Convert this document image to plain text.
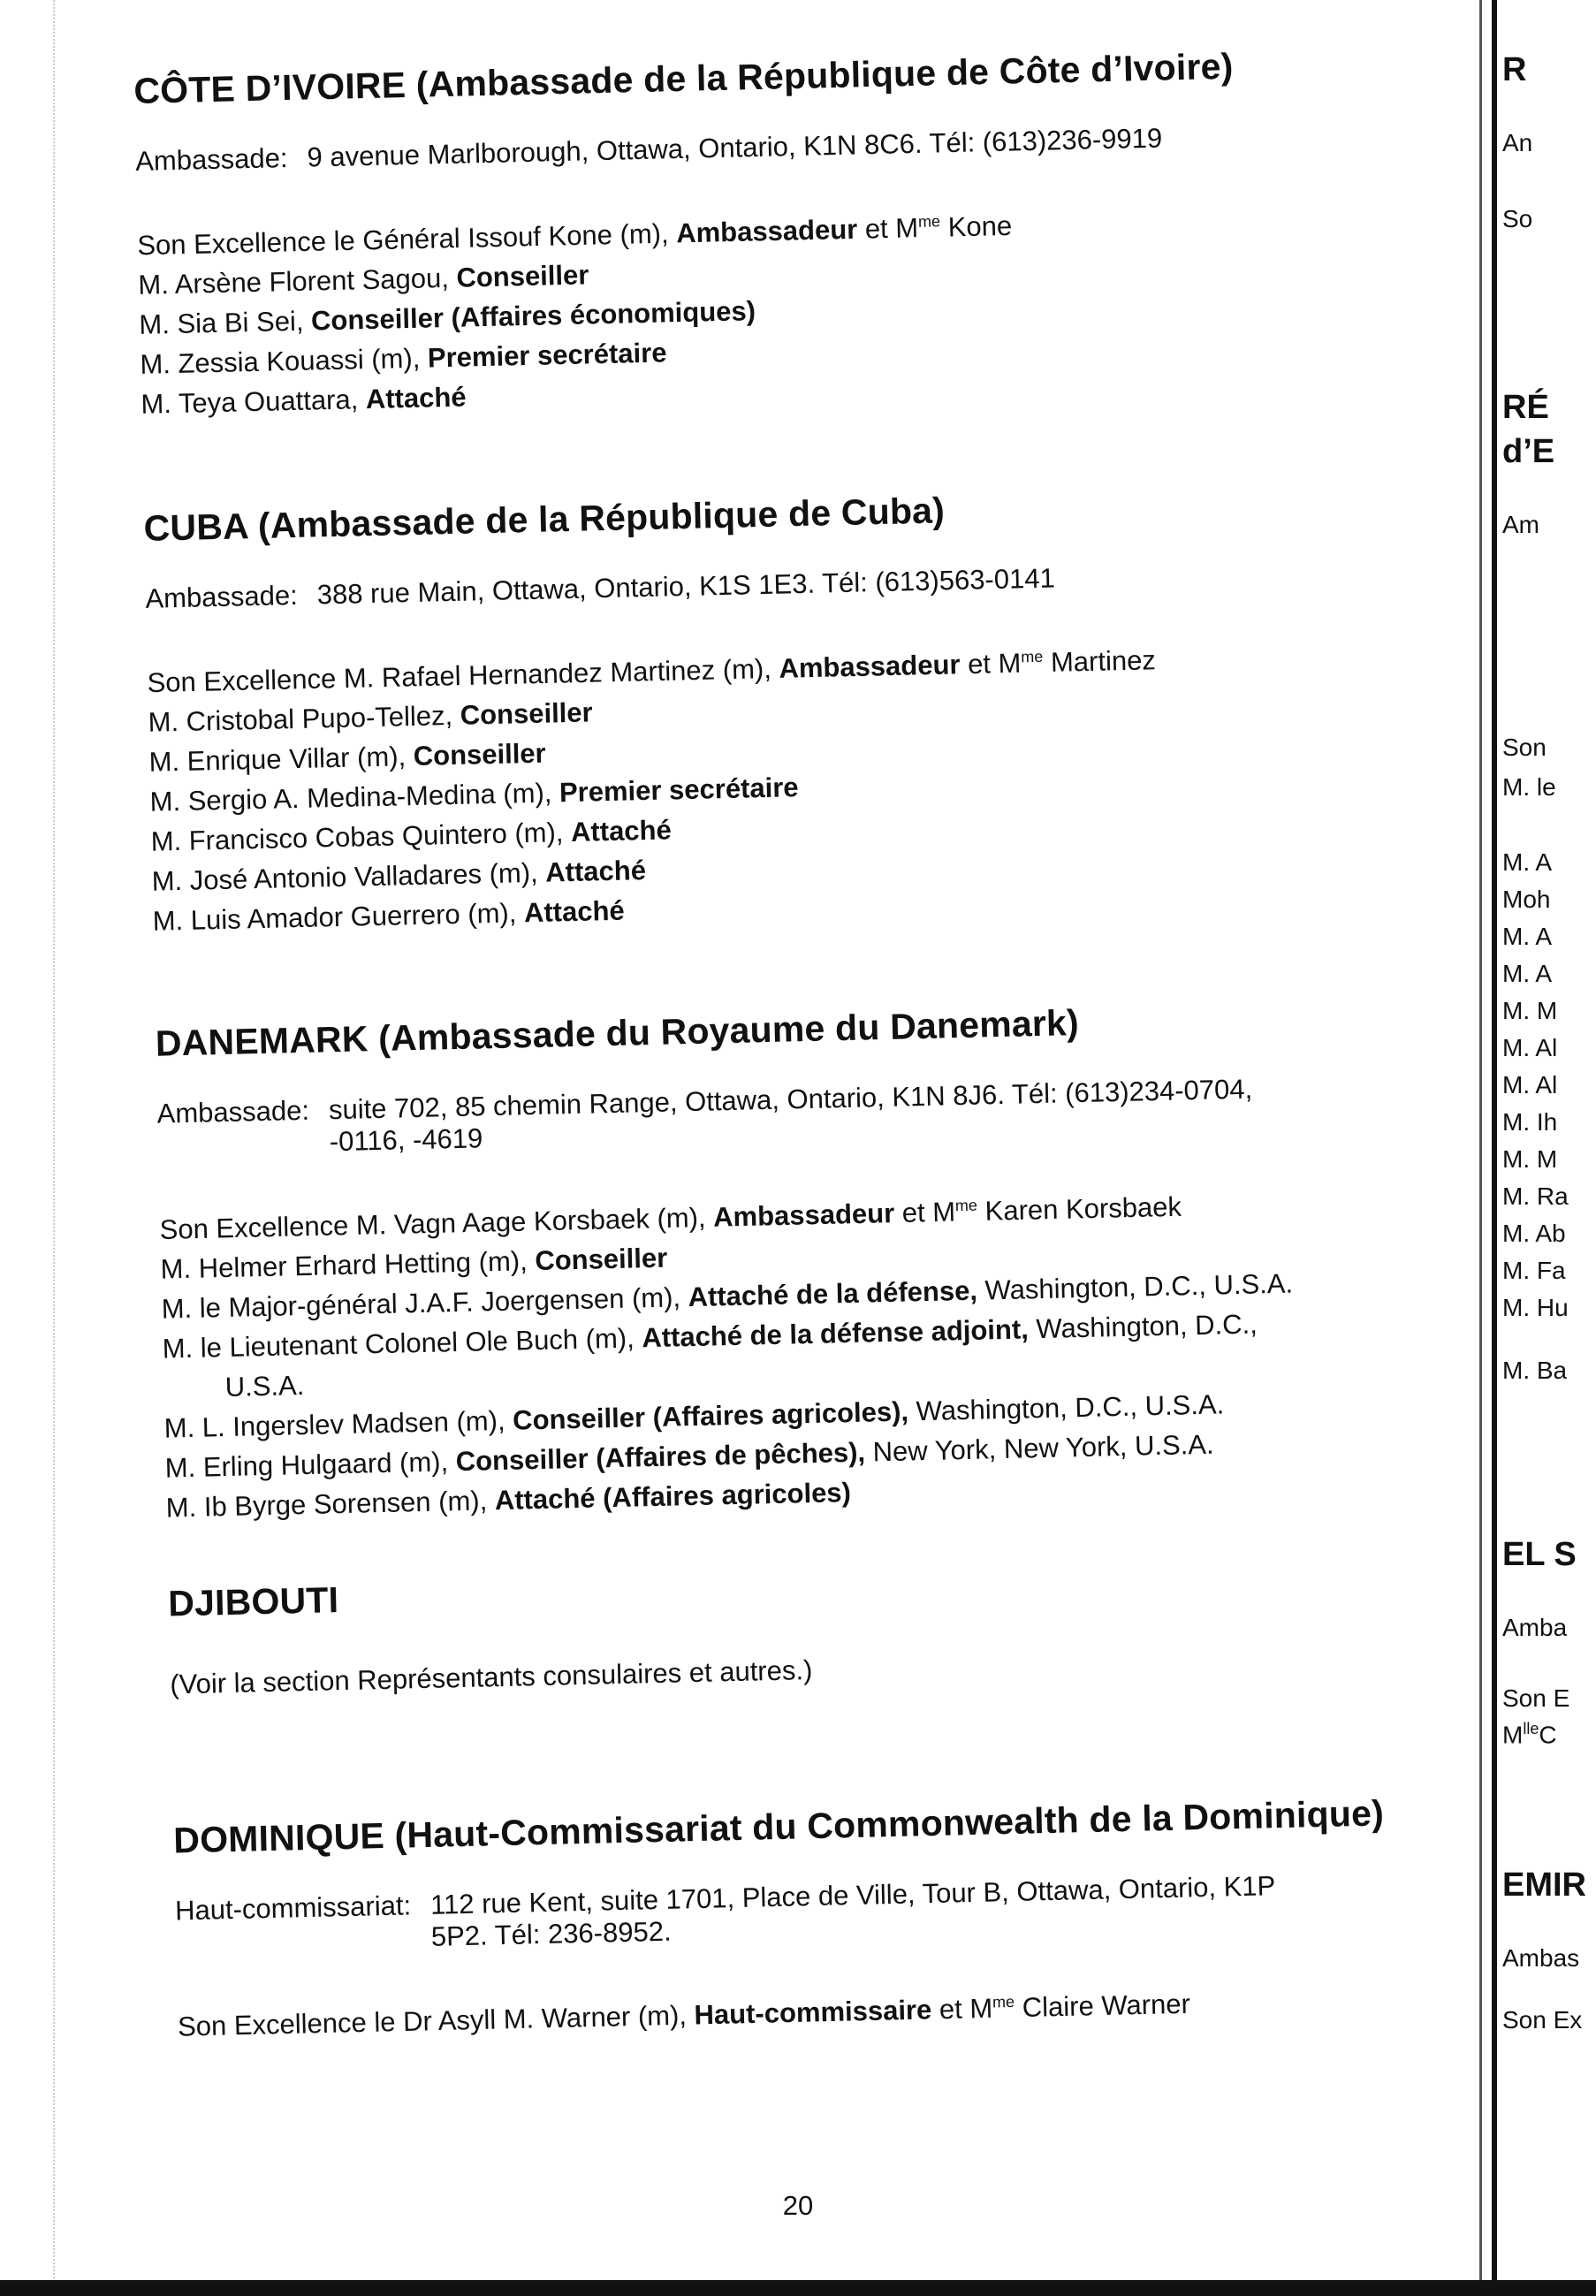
CÔTE D’IVOIRE (Ambassade de la République de Côte d’Ivoire)
Ambassade: 9 avenue Marlborough, Ottawa, Ontario, K1N 8C6. Tél: (613)236-9919
Son Excellence le Général Issouf Kone (m), Ambassadeur et $M^{me}$ Kone
M. Arsène Florent Sagou, Conseiller
M. Sia Bi Sei, Conseiller (Affaires économiques)
M. Zessia Kouassi (m), Premier secrétaire
M. Teya Ouattara, Attaché
CUBA (Ambassade de la République de Cuba)
Ambassade: 388 rue Main, Ottawa, Ontario, K1S 1E3. Tél: (613)563-0141
Son Excellence M. Rafael Hernandez Martinez (m), Ambassadeur et $M^{me}$ Martinez
M. Cristobal Pupo-Tellez, Conseiller
M. Enrique Villar (m), Conseiller
M. Sergio A. Medina-Medina (m), Premier secrétaire
M. Francisco Cobas Quintero (m), Attaché
M. José Antonio Valladares (m), Attaché
M. Luis Amador Guerrero (m), Attaché
DANEMARK (Ambassade du Royaume du Danemark)
Ambassade: suite 702, 85 chemin Range, Ottawa, Ontario, K1N 8J6. Tél: (613)234-0704,
-0116, -4619
Son Excellence M. Vagn Aage Korsbaek (m), Ambassadeur et $M^{me}$ Karen Korsbaek
M. Helmer Erhard Hetting (m), Conseiller
M. le Major-général J.A.F. Joergensen (m), Attaché de la défense, Washington, D.C., U.S.A.
M. le Lieutenant Colonel Ole Buch (m), Attaché de la défense adjoint, Washington, D.C.,
U.S.A.
M. L. Ingerslev Madsen (m), Conseiller (Affaires agricoles), Washington, D.C., U.S.A.
M. Erling Hulgaard (m), Conseiller (Affaires de pêches), New York, New York, U.S.A.
M. Ib Byrge Sorensen (m), Attaché (Affaires agricoles)
DJIBOUTI
(Voir la section Représentants consulaires et autres.)
DOMINIQUE (Haut-Commissariat du Commonwealth de la Dominique)
Haut-commissariat: 112 rue Kent, suite 1701, Place de Ville, Tour B, Ottawa, Ontario, K1P
5P2. Tél: 236-8952.
Son Excellence le Dr Asyll M. Warner (m), Haut-commissaire et $M^{me}$ Claire Warner
20
R
An
So
RÉ
d’E
Am
Son
M. le
M. A
Moh
M. A
M. A
M. M
M. Al
M. Al
M. Ih
M. M
M. Ra
M. Ab
M. Fa
M. Hu
M. Ba
EL S
Amba
Son E
$M^{lle}C$
EMIR
Ambas
Son Ex
